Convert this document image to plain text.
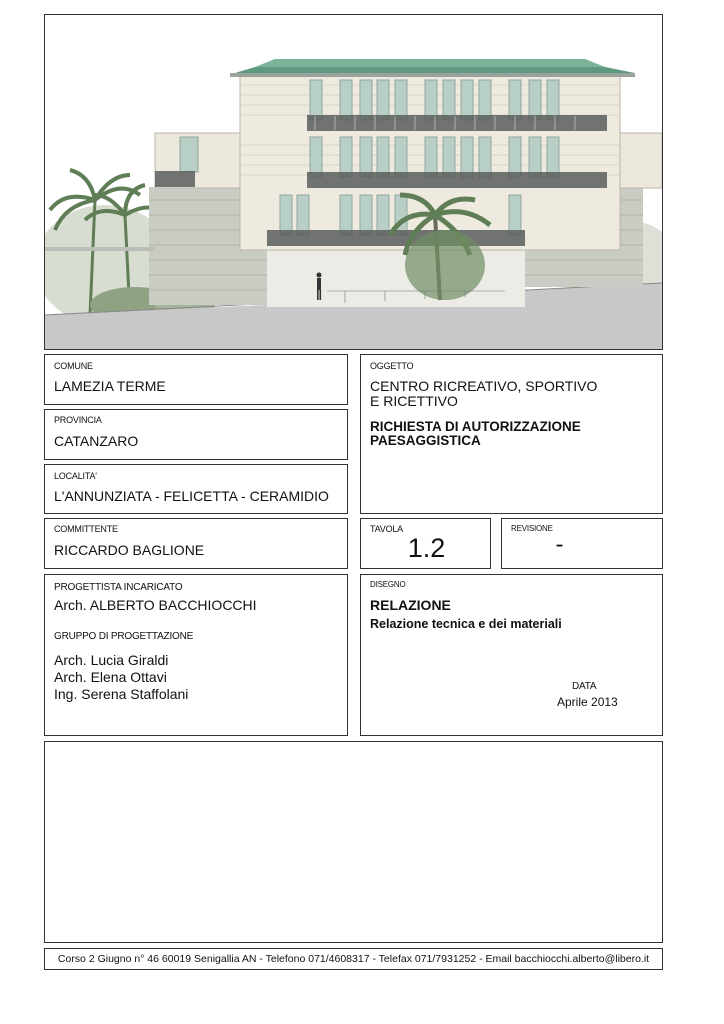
COMUNE
LAMEZIA TERME
PROVINCIA
CATANZARO
LOCALITA'
L'ANNUNZIATA - FELICETTA - CERAMIDIO
OGGETTO
CENTRO RICREATIVO, SPORTIVO
E RICETTIVO
RICHIESTA DI AUTORIZZAZIONE
PAESAGGISTICA
COMMITTENTE
RICCARDO BAGLIONE
TAVOLA
1.2
REVISIONE
-
PROGETTISTA INCARICATO
Arch. ALBERTO BACCHIOCCHI
GRUPPO DI PROGETTAZIONE
Arch. Lucia Giraldi
Arch. Elena Ottavi
Ing. Serena Staffolani
DISEGNO
RELAZIONE
Relazione tecnica e dei materiali
DATA
Aprile 2013
Corso 2 Giugno n° 46 60019 Senigallia AN - Telefono 071/4608317 - Telefax 071/7931252 - Email bacchiocchi.alberto@libero.it
